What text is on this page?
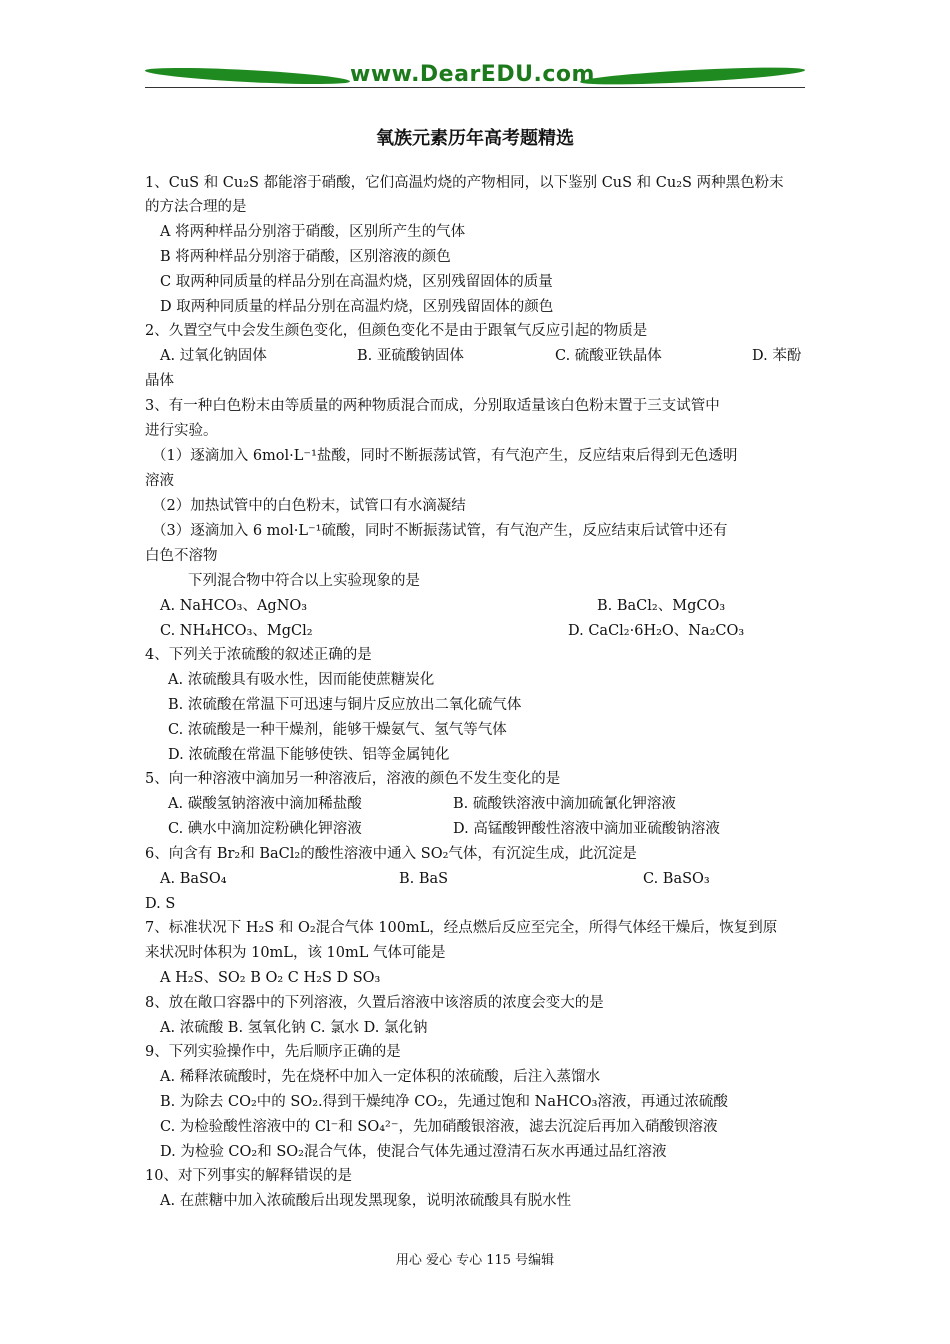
www.DearEDU.com
氧族元素历年高考题精选
1、CuS 和 Cu₂S 都能溶于硝酸，它们高温灼烧的产物相同，以下鉴别 CuS 和 Cu₂S 两种黑色粉末
的方法合理的是
A 将两种样品分别溶于硝酸，区别所产生的气体
B 将两种样品分别溶于硝酸，区别溶液的颜色
C 取两种同质量的样品分别在高温灼烧，区别残留固体的质量
D 取两种同质量的样品分别在高温灼烧，区别残留固体的颜色
2、久置空气中会发生颜色变化，但颜色变化不是由于跟氧气反应引起的物质是
A. 过氧化钠固体	B. 亚硫酸钠固体	C. 硫酸亚铁晶体	D. 苯酚
晶体
3、有一种白色粉末由等质量的两种物质混合而成，分别取适量该白色粉末置于三支试管中
进行实验。
（1）逐滴加入 6mol·L⁻¹盐酸，同时不断振荡试管，有气泡产生，反应结束后得到无色透明
溶液
（2）加热试管中的白色粉末，试管口有水滴凝结
（3）逐滴加入 6 mol·L⁻¹硫酸，同时不断振荡试管，有气泡产生，反应结束后试管中还有
白色不溶物
下列混合物中符合以上实验现象的是
A. NaHCO₃、AgNO₃	B. BaCl₂、MgCO₃
C. NH₄HCO₃、MgCl₂	D. CaCl₂·6H₂O、Na₂CO₃
4、下列关于浓硫酸的叙述正确的是
A. 浓硫酸具有吸水性，因而能使蔗糖炭化
B. 浓硫酸在常温下可迅速与铜片反应放出二氧化硫气体
C. 浓硫酸是一种干燥剂，能够干燥氨气、氢气等气体
D. 浓硫酸在常温下能够使铁、铝等金属钝化
5、向一种溶液中滴加另一种溶液后，溶液的颜色不发生变化的是
A. 碳酸氢钠溶液中滴加稀盐酸	B. 硫酸铁溶液中滴加硫氰化钾溶液
C. 碘水中滴加淀粉碘化钾溶液	D. 高锰酸钾酸性溶液中滴加亚硫酸钠溶液
6、向含有 Br₂和 BaCl₂的酸性溶液中通入 SO₂气体，有沉淀生成，此沉淀是
A. BaSO₄	B. BaS	C. BaSO₃
D. S
7、标准状况下 H₂S 和 O₂混合气体 100mL，经点燃后反应至完全，所得气体经干燥后，恢复到原
来状况时体积为 10mL，该 10mL 气体可能是
A H₂S、SO₂ B O₂ C H₂S D SO₃
8、放在敞口容器中的下列溶液，久置后溶液中该溶质的浓度会变大的是
A. 浓硫酸 B. 氢氧化钠 C. 氯水 D. 氯化钠
9、下列实验操作中，先后顺序正确的是
A. 稀释浓硫酸时，先在烧杯中加入一定体积的浓硫酸，后注入蒸馏水
B. 为除去 CO₂中的 SO₂.得到干燥纯净 CO₂，先通过饱和 NaHCO₃溶液，再通过浓硫酸
C. 为检验酸性溶液中的 Cl⁻和 SO₄²⁻，先加硝酸银溶液，滤去沉淀后再加入硝酸钡溶液
D. 为检验 CO₂和 SO₂混合气体，使混合气体先通过澄清石灰水再通过品红溶液
10、对下列事实的解释错误的是
A. 在蔗糖中加入浓硫酸后出现发黑现象，说明浓硫酸具有脱水性
用心 爱心 专心 115 号编辑
